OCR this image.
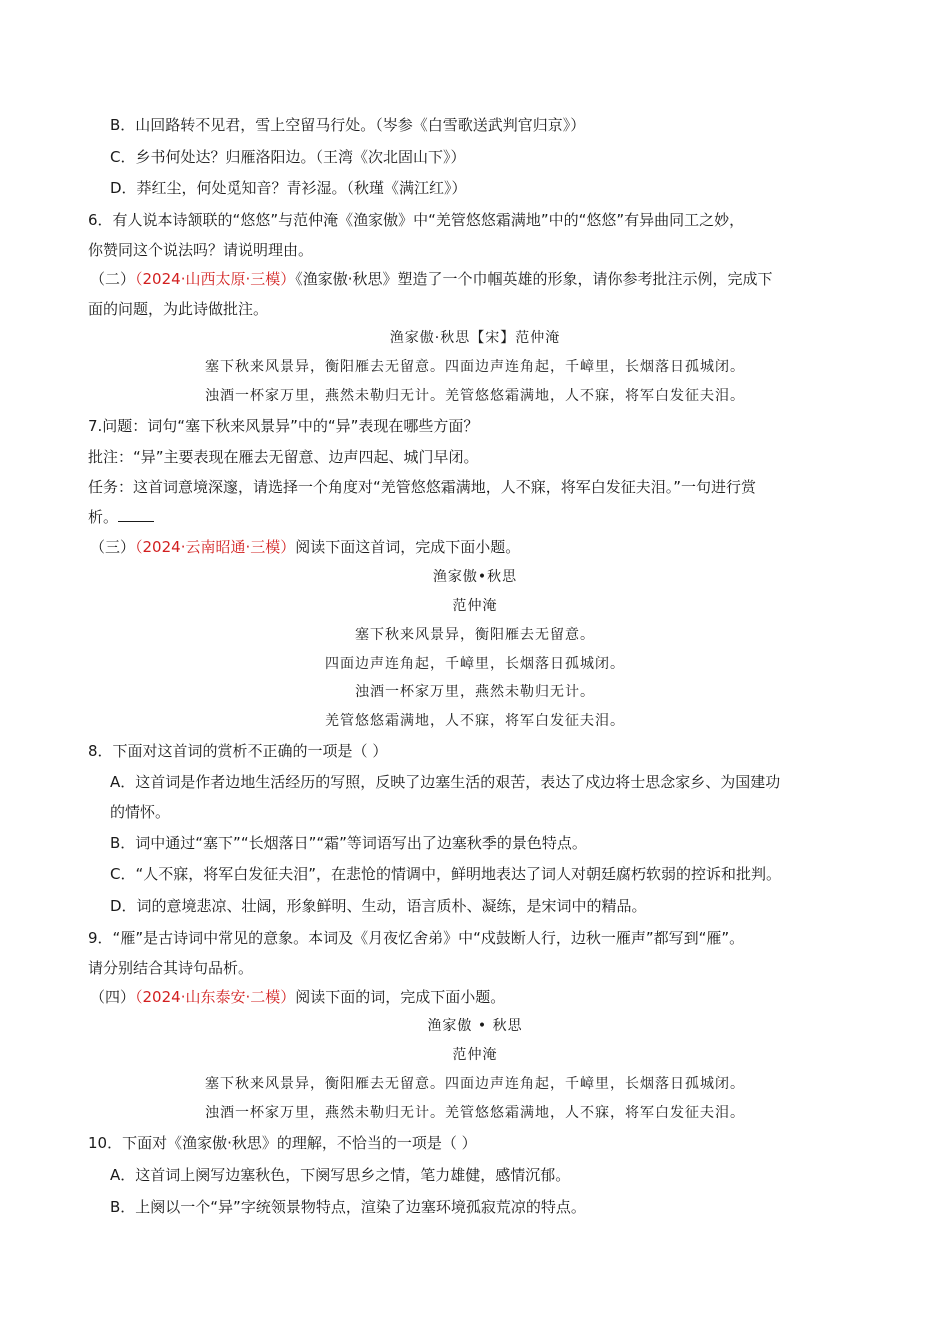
B．山回路转不见君，雪上空留马行处。（岑参《白雪歌送武判官归京》）
C．乡书何处达？归雁洛阳边。（王湾《次北固山下》）
D．莽红尘，何处觅知音？青衫湿。（秋瑾《满江红》）
6．有人说本诗颔联的“悠悠”与范仲淹《渔家傲》中“羌管悠悠霜满地”中的“悠悠”有异曲同工之妙，
你赞同这个说法吗？请说明理由。
（二）（2024·山西太原·三模）《渔家傲·秋思》塑造了一个巾帼英雄的形象，请你参考批注示例，完成下
面的问题，为此诗做批注。
渔家傲·秋思【宋】范仲淹
塞下秋来风景异，衡阳雁去无留意。四面边声连角起，千嶂里，长烟落日孤城闭。
浊酒一杯家万里，燕然未勒归无计。羌管悠悠霜满地，人不寐，将军白发征夫泪。
7.问题：词句“塞下秋来风景异”中的“异”表现在哪些方面？
批注：“异”主要表现在雁去无留意、边声四起、城门早闭。
任务：这首词意境深邃，请选择一个角度对“羌管悠悠霜满地，人不寐，将军白发征夫泪。”一句进行赏
析。
（三）（2024·云南昭通·三模）阅读下面这首词，完成下面小题。
渔家傲•秋思
范仲淹
塞下秋来风景异，衡阳雁去无留意。
四面边声连角起，千嶂里，长烟落日孤城闭。
浊酒一杯家万里，燕然未勒归无计。
羌管悠悠霜满地，人不寐，将军白发征夫泪。
8．下面对这首词的赏析不正确的一项是（ ）
A．这首词是作者边地生活经历的写照，反映了边塞生活的艰苦，表达了戍边将士思念家乡、为国建功
的情怀。
B．词中通过“塞下”“长烟落日”“霜”等词语写出了边塞秋季的景色特点。
C．“人不寐，将军白发征夫泪”，在悲怆的情调中，鲜明地表达了词人对朝廷腐朽软弱的控诉和批判。
D．词的意境悲凉、壮阔，形象鲜明、生动，语言质朴、凝练，是宋词中的精品。
9．“雁”是古诗词中常见的意象。本词及《月夜忆舍弟》中“戍鼓断人行，边秋一雁声”都写到“雁”。
请分别结合其诗句品析。
（四）（2024·山东泰安·二模）阅读下面的词，完成下面小题。
渔家傲 • 秋思
范仲淹
塞下秋来风景异，衡阳雁去无留意。四面边声连角起，千嶂里，长烟落日孤城闭。
浊酒一杯家万里，燕然未勒归无计。羌管悠悠霜满地，人不寐，将军白发征夫泪。
10．下面对《渔家傲·秋思》的理解，不恰当的一项是（ ）
A．这首词上阕写边塞秋色，下阕写思乡之情，笔力雄健，感情沉郁。
B．上阕以一个“异”字统领景物特点，渲染了边塞环境孤寂荒凉的特点。
